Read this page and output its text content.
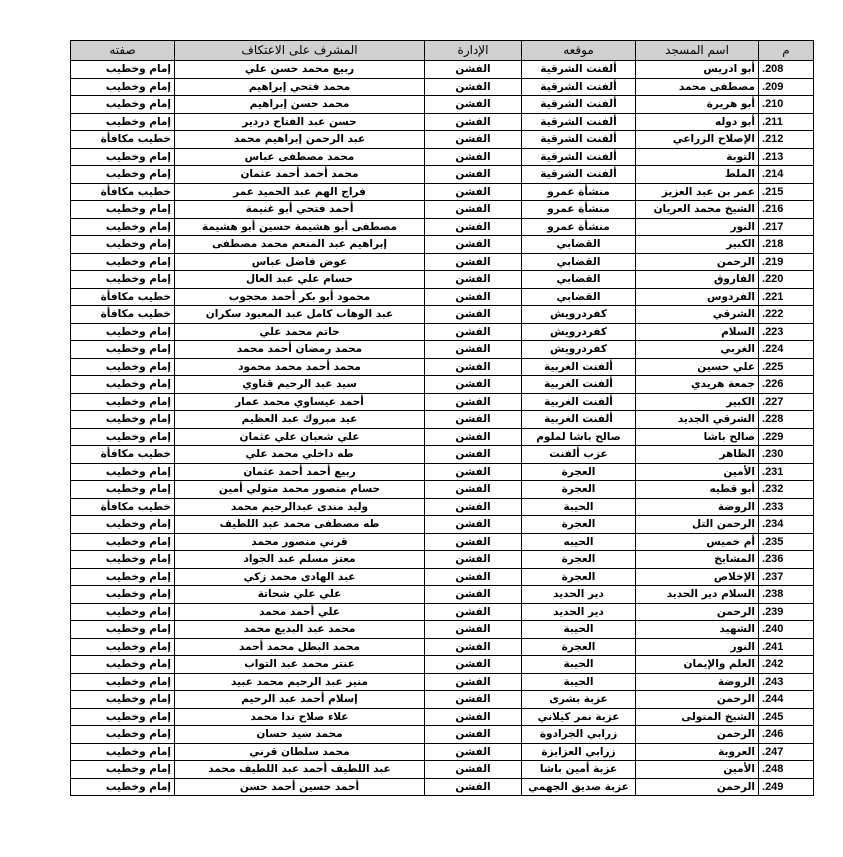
م	اسم المسجد	موقعه	الإدارة	المشرف على الاعتكاف	صفته
208.	أبو ادريس	ألفنت الشرقية	الفشن	ربيع محمد حسن علي	إمام وخطيب
209.	مصطفى محمد	ألفنت الشرقية	الفشن	محمد فتحي إبراهيم	إمام وخطيب
210.	أبو هريرة	ألفنت الشرقية	الفشن	محمد حسن إبراهيم	إمام وخطيب
211.	أبو دوله	ألفنت الشرقية	الفشن	حسن عبد الفتاح دردير	إمام وخطيب
212.	الإصلاح الزراعي	ألفنت الشرقية	الفشن	عبد الرحمن إبراهيم محمد	خطيب مكافأة
213.	التوبة	ألفنت الشرقية	الفشن	محمد مصطفى عباس	إمام وخطيب
214.	الملط	ألفنت الشرقية	الفشن	محمد أحمد أحمد عثمان	إمام وخطيب
215.	عمر بن عبد العزيز	منشأة عمرو	الفشن	فراج الهم عبد الحميد عمر	خطيب مكافأة
216.	الشيخ محمد العريان	منشأة عمرو	الفشن	أحمد فتحي أبو غنيمة	إمام وخطيب
217.	النور	منشأة عمرو	الفشن	مصطفى أبو هشيمة حسين أبو هشيمة	إمام وخطيب
218.	الكبير	القضابي	الفشن	إبراهيم عبد المنعم محمد مصطفى	إمام وخطيب
219.	الرحمن	القضابي	الفشن	عوض فاضل عباس	إمام وخطيب
220.	الفاروق	القضابي	الفشن	حسام علي عبد العال	إمام وخطيب
221.	الفردوس	القضابي	الفشن	محمود أبو بكر أحمد محجوب	خطيب مكافأة
222.	الشرقي	كفردرويش	الفشن	عبد الوهاب كامل عبد المعبود سكران	خطيب مكافأة
223.	السلام	كفردرويش	الفشن	حاتم محمد علي	إمام وخطيب
224.	الغربي	كفردرويش	الفشن	محمد رمضان أحمد محمد	إمام وخطيب
225.	علي حسين	ألفنت الغربية	الفشن	محمد أحمد محمد محمود	إمام وخطيب
226.	جمعة هريدي	ألفنت الغربية	الفشن	سيد عبد الرحيم قناوي	إمام وخطيب
227.	الكبير	ألفنت الغربية	الفشن	أحمد عيساوي محمد عمار	إمام وخطيب
228.	الشرقي الجديد	ألفنت الغربية	الفشن	عيد مبروك عبد العظيم	إمام وخطيب
229.	صالح باشا	صالح باشا لملوم	الفشن	علي شعبان علي عثمان	إمام وخطيب
230.	الظاهر	عزب ألفنت	الفشن	طه داخلي محمد علي	خطيب مكافأة
231.	الأمين	العجرة	الفشن	ربيع أحمد أحمد عثمان	إمام وخطيب
232.	أبو قطيه	العجرة	الفشن	حسام منصور محمد متولي أمين	إمام وخطيب
233.	الروضة	الحيبة	الفشن	وليد مندى عبدالرحيم محمد	خطيب مكافأة
234.	الرحمن التل	العجرة	الفشن	طه مصطفى محمد عبد اللطيف	إمام وخطيب
235.	أم خميس	الحيبه	الفشن	قرني منصور محمد	إمام وخطيب
236.	المشايخ	العجرة	الفشن	معتز مسلم عبد الجواد	إمام وخطيب
237.	الإخلاص	العجرة	الفشن	عبد الهادى محمد زكي	إمام وخطيب
238.	السلام دير الحديد	دير الحديد	الفشن	علي علي شحاتة	إمام وخطيب
239.	الرحمن	دير الحديد	الفشن	علي أحمد محمد	إمام وخطيب
240.	الشهيد	الحيبة	الفشن	محمد عبد البديع محمد	إمام وخطيب
241.	النور	العجرة	الفشن	محمد البطل محمد أحمد	إمام وخطيب
242.	العلم والإيمان	الحيبة	الفشن	عنتر محمد عبد التواب	إمام وخطيب
243.	الروضة	الحيبة	الفشن	منير عبد الرحيم محمد عبيد	إمام وخطيب
244.	الرحمن	عزبة بشرى	الفشن	إسلام أحمد عبد الرحيم	إمام وخطيب
245.	الشيخ المتولى	عزبة نمر كيلاني	الفشن	علاء صلاح ندا محمد	إمام وخطيب
246.	الرحمن	زرابي الجرادوة	الفشن	محمد سيد حسان	إمام وخطيب
247.	العروبة	زرابي العزايزة	الفشن	محمد سلطان قرني	إمام وخطيب
248.	الأمين	عزبة أمين باشا	الفشن	عبد اللطيف أحمد عبد اللطيف محمد	إمام وخطيب
249.	الرحمن	عزبة صديق الجهمي	الفشن	أحمد حسين أحمد حسن	إمام وخطيب
